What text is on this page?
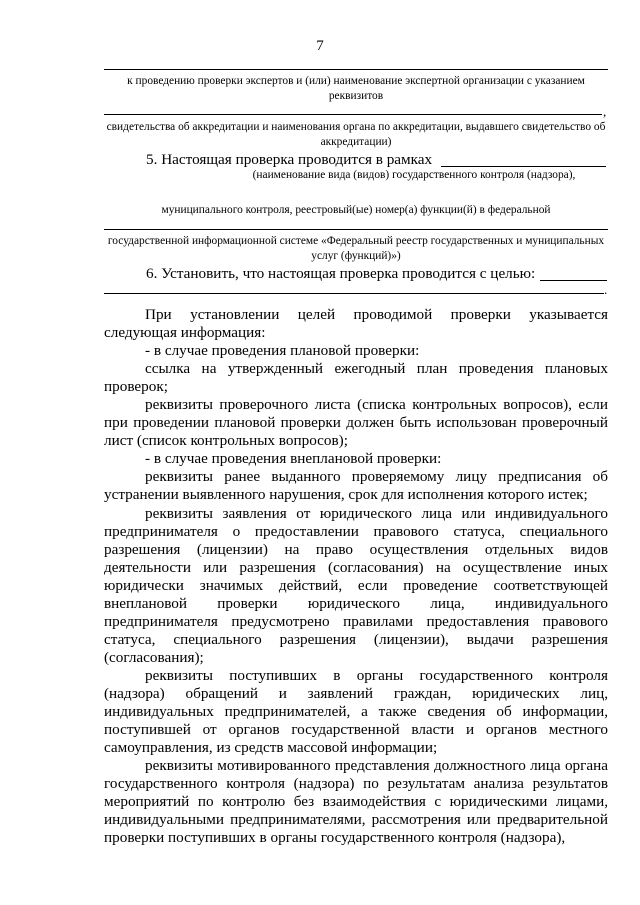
7
к проведению проверки экспертов и (или) наименование экспертной организации с указанием реквизитов
,
свидетельства об аккредитации и наименования органа по аккредитации, выдавшего свидетельство об аккредитации)
5. Настоящая проверка проводится в рамках
(наименование вида (видов) государственного контроля (надзора),
муниципального контроля, реестровый(ые) номер(а) функции(й) в федеральной
государственной информационной системе «Федеральный реестр государственных и муниципальных услуг (функций)»)
6. Установить, что настоящая проверка проводится с целью:
.

При установлении целей проводимой проверки указывается следующая информация:

- в случае проведения плановой проверки:

ссылка на утвержденный ежегодный план проведения плановых проверок;

реквизиты проверочного листа (списка контрольных вопросов), если при проведении плановой проверки должен быть использован проверочный лист (список контрольных вопросов);

- в случае проведения внеплановой проверки:

реквизиты ранее выданного проверяемому лицу предписания об устранении выявленного нарушения, срок для исполнения которого истек;

реквизиты заявления от юридического лица или индивидуального предпринимателя о предоставлении правового статуса, специального разрешения (лицензии) на право осуществления отдельных видов деятельности или разрешения (согласования) на осуществление иных юридически значимых действий, если проведение соответствующей внеплановой проверки юридического лица, индивидуального предпринимателя предусмотрено правилами предоставления правового статуса, специального разрешения (лицензии), выдачи разрешения (согласования);

реквизиты поступивших в органы государственного контроля (надзора) обращений и заявлений граждан, юридических лиц, индивидуальных предпринимателей, а также сведения об информации, поступившей от органов государственной власти и органов местного самоуправления, из средств массовой информации;

реквизиты мотивированного представления должностного лица органа государственного контроля (надзора) по результатам анализа результатов мероприятий по контролю без взаимодействия с юридическими лицами, индивидуальными предпринимателями, рассмотрения или предварительной проверки поступивших в органы государственного контроля (надзора),
